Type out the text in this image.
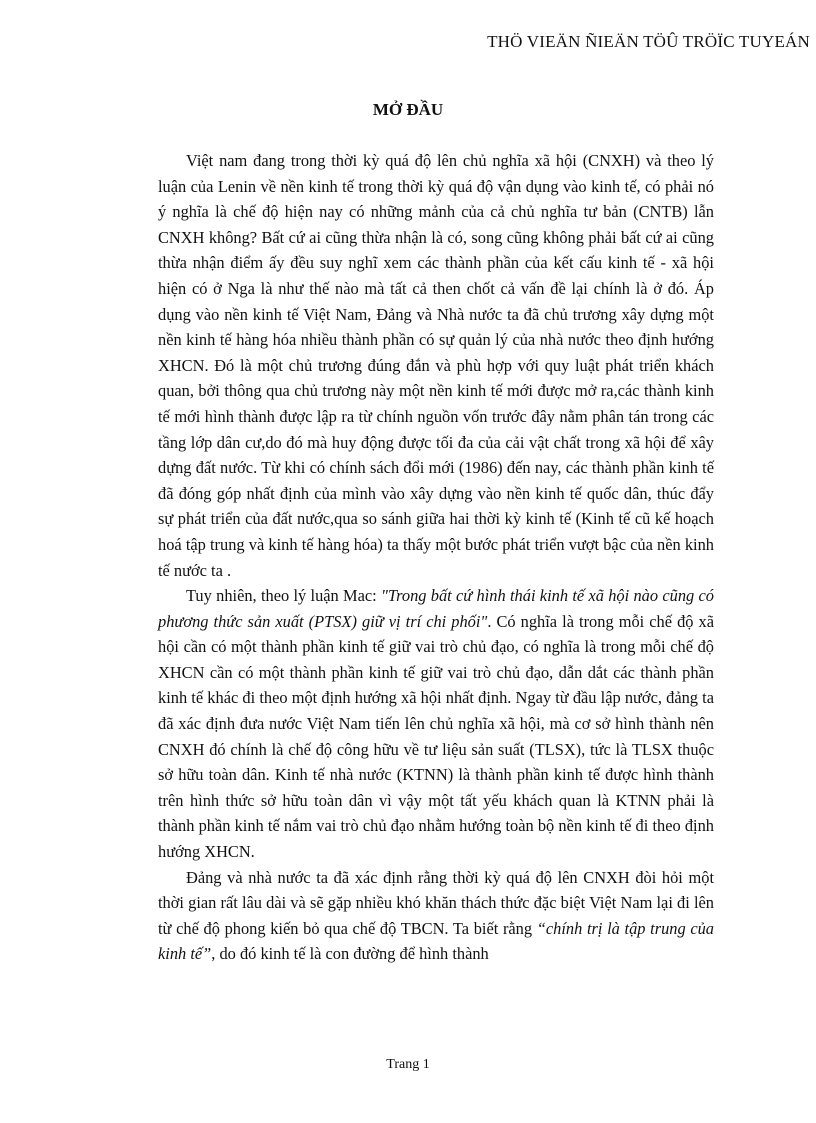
THÖ VIEÄN ÑIEÄN TÖÛ TRÖÏC TUYEÁN
MỞ ĐẦU

Việt nam đang trong thời kỳ quá độ lên chủ nghĩa xã hội (CNXH) và theo lý luận của Lenin về nền kinh tế trong thời kỳ quá độ vận dụng vào kinh tế, có phải nó ý nghĩa là chế độ hiện nay có những mảnh của cả chủ nghĩa tư bản (CNTB) lẫn CNXH không? Bất cứ ai cũng thừa nhận là có, song cũng không phải bất cứ ai cũng thừa nhận điểm ấy đều suy nghĩ xem các thành phần của kết cấu kinh tế - xã hội hiện có ở Nga là như thế nào mà tất cả then chốt cả vấn đề lại chính là ở đó. Áp dụng vào nền kinh tế Việt Nam, Đảng và Nhà nước ta đã chủ trương xây dựng một nền kinh tế hàng hóa nhiều thành phần có sự quản lý của nhà nước theo định hướng XHCN. Đó là một chủ trương đúng đắn và phù hợp với quy luật phát triển khách quan, bởi thông qua chủ trương này một nền kinh tế mới được mở ra,các thành kinh tế mới hình thành được lập ra từ chính nguồn vốn trước đây nằm phân tán trong các tầng lớp dân cư,do đó mà huy động được tối đa của cải vật chất trong xã hội để xây dựng đất nước. Từ khi có chính sách đổi mới (1986) đến nay, các thành phần kinh tế đã đóng góp nhất định của mình vào xây dựng vào nền kinh tế quốc dân, thúc đẩy sự phát triển của đất nước,qua so sánh giữa hai thời kỳ kinh tế (Kinh tế cũ kế hoạch hoá tập trung và kinh tế hàng hóa) ta thấy một bước phát triển vượt bậc của nền kinh tế nước ta .

Tuy nhiên, theo lý luận Mac: "Trong bất cứ hình thái kinh tế xã hội nào cũng có phương thức sản xuất (PTSX) giữ vị trí chi phối". Có nghĩa là trong mỗi chế độ xã hội cần có một thành phần kinh tế giữ vai trò chủ đạo, có nghĩa là trong mỗi chế độ XHCN cần có một thành phần kinh tế giữ vai trò chủ đạo, dẫn dắt các thành phần kinh tế khác đi theo một định hướng xã hội nhất định. Ngay từ đầu lập nước, đảng ta đã xác định đưa nước Việt Nam tiến lên chủ nghĩa xã hội, mà cơ sở hình thành nên CNXH đó chính là chế độ công hữu về tư liệu sản suất (TLSX), tức là TLSX thuộc sở hữu toàn dân. Kinh tế nhà nước (KTNN) là thành phần kinh tế được hình thành trên hình thức sở hữu toàn dân vì vậy một tất yếu khách quan là KTNN phải là thành phần kinh tế nắm vai trò chủ đạo nhằm hướng toàn bộ nền kinh tế đi theo định hướng XHCN.

Đảng và nhà nước ta đã xác định rằng thời kỳ quá độ lên CNXH đòi hỏi một thời gian rất lâu dài và sẽ gặp nhiều khó khăn thách thức đặc biệt Việt Nam lại đi lên từ chế độ phong kiến bỏ qua chế độ TBCN. Ta biết rằng “chính trị là tập trung của kinh tế”, do đó kinh tế là con đường để hình thành

Trang 1
